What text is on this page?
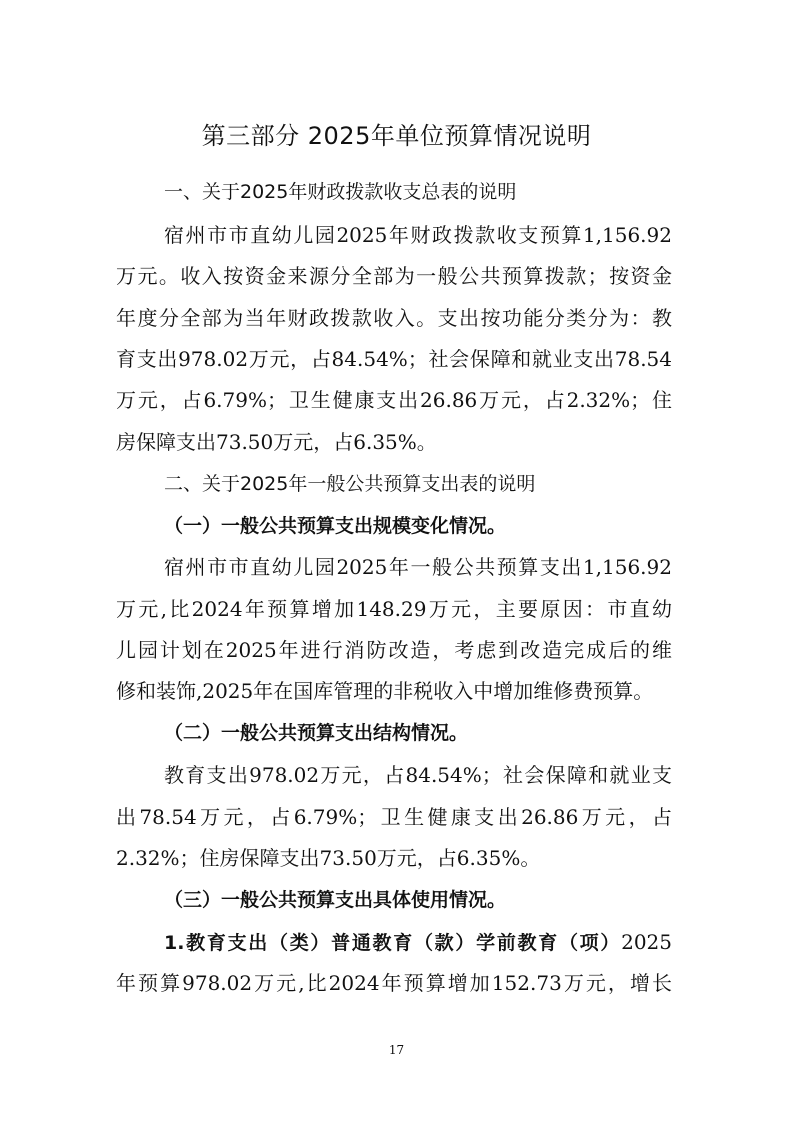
第三部分 2025年单位预算情况说明
一、关于2025年财政拨款收支总表的说明
宿州市市直幼儿园2025年财政拨款收支预算1,156.92
万元。收入按资金来源分全部为一般公共预算拨款；按资金
年度分全部为当年财政拨款收入。支出按功能分类分为：教
育支出978.02万元，占84.54%；社会保障和就业支出78.54
万元，占6.79%；卫生健康支出26.86万元，占2.32%；住
房保障支出73.50万元，占6.35%。
二、关于2025年一般公共预算支出表的说明
（一）一般公共预算支出规模变化情况。
宿州市市直幼儿园2025年一般公共预算支出1,156.92
万元,比2024年预算增加148.29万元，主要原因：市直幼
儿园计划在2025年进行消防改造，考虑到改造完成后的维
修和装饰,2025年在国库管理的非税收入中增加维修费预算。
（二）一般公共预算支出结构情况。
教育支出978.02万元，占84.54%；社会保障和就业支
出78.54万元，占6.79%；卫生健康支出26.86万元，占
2.32%；住房保障支出73.50万元，占6.35%。
（三）一般公共预算支出具体使用情况。
1.教育支出（类）普通教育（款）学前教育（项）2025
年预算978.02万元,比2024年预算增加152.73万元，增长
17
